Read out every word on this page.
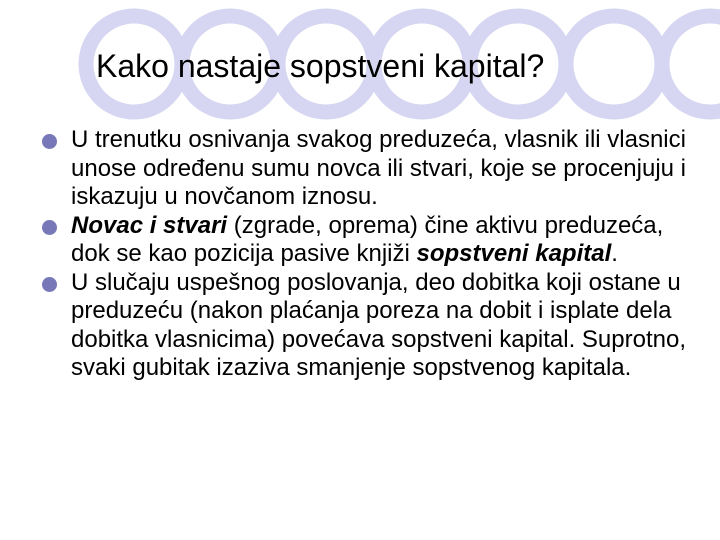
Kako nastaje sopstveni kapital?
U trenutku osnivanja svakog preduzeća, vlasnik ili vlasnici unose određenu sumu novca ili stvari, koje se procenjuju i iskazuju u novčanom iznosu.
Novac i stvari (zgrade, oprema) čine aktivu preduzeća, dok se kao pozicija pasive knjiži sopstveni kapital.
U slučaju uspešnog poslovanja, deo dobitka koji ostane u preduzeću (nakon plaćanja poreza na dobit i isplate dela dobitka vlasnicima) povećava sopstveni kapital. Suprotno, svaki gubitak izaziva smanjenje sopstvenog kapitala.
